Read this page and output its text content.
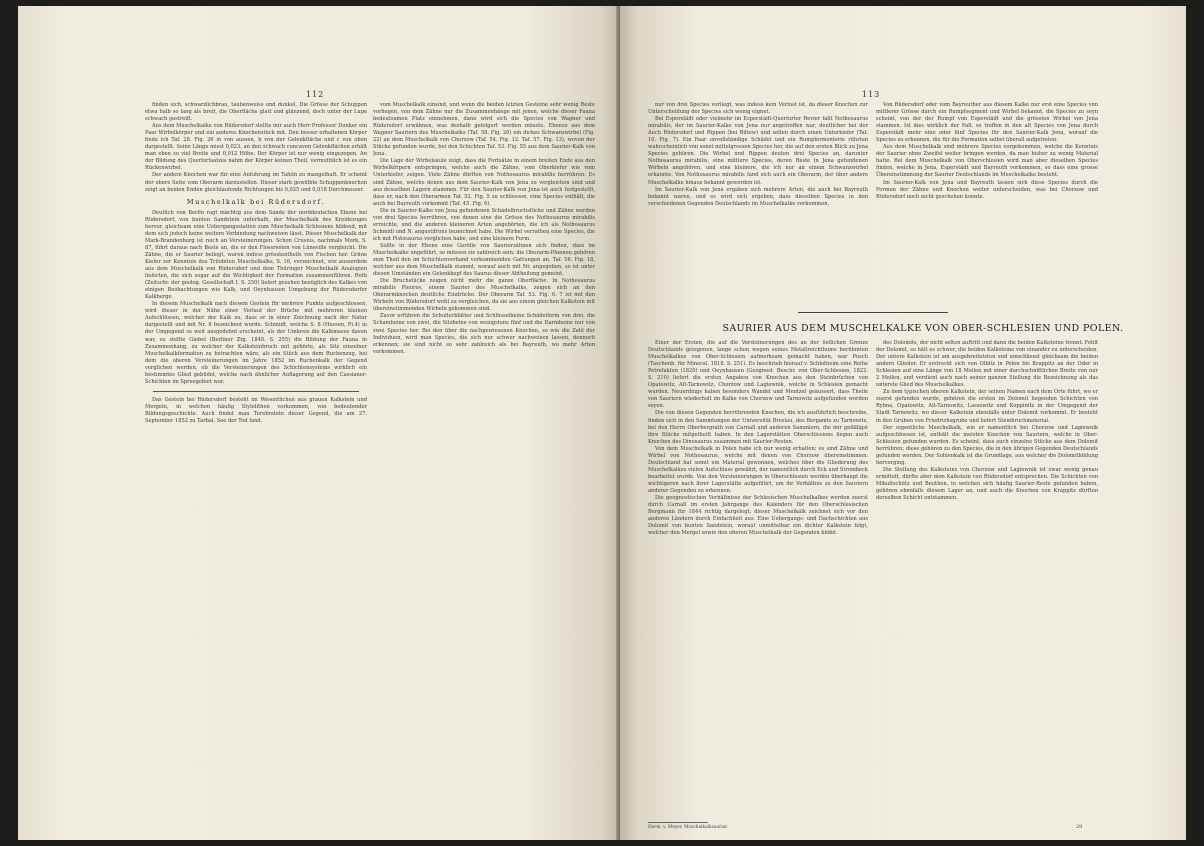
112

finden sich, schwarzlichbrau, taubenweiss und dunkel, Die Grösse der Schuppen etwa halb so lang als breit, die Oberfläche glatt und glänzend, doch unter der Lupe schwach gestreift.

Aus dem Muschelkalke von Rüdersdorf stellte mir auch Herr Professor Dunker ein Paar Wirbelkörper und ein anderes Knochenstück mit. Den besser erhaltenen Körper finde ich Taf. 28. Fig. 26 in von aussen, b von der Gelenkfläche und c von oben dargestellt. Seine Länge misst 0,023, an den schwach concaven Gelenkflächen erhält man eben so viel Breite und 0,012 Höhe. Der Körper ist nur wenig eingezogen. An der Bildung des Querfortsatzes nahm der Körper keinen Theil, vermuthlich ist es ein Rückenwirbel.

Der andere Knochen war für eine Anfuhrung im Tafeln zu mangelhaft. Er scheint der obere Seite vom Oberarm darzustellen. Dieser stark gewölbte Schuppenknochen zeigt an beiden Enden gleichlaufende Richtungen bis 0,025 und 0,018 Durchmesser.

Muschelkalk bei Rüdersdorf.

Deutlich von Berlin ragt mächtig aus dem Sande der norddeutschen Ebene bei Rüdersdorf, von bunten Sandstein unterhalb, der Muschelkalk des Kreidezuges hervor, gleichsam eine Uebergangsstation zum Muschelkalk Schlesiens hildend, mit dem sich jedoch keine weitere Verbindung nachweisen lässt. Dieser Muschelkalk der Mark-Brandenburg ist reich an Versteinerungen. Schon Crusius, nachmals Mork, S. 87, führt daraus nach Beste an, die er den Flossresten von Lüneville vergleicht. Die Zähne, die er Saurier beilegt, waren indess grösstentheils von Fischen her. Grüne Kiefer zur Kenntnis des Trilobiten Muschelkalks, S. 16, verzeichnet, wie ausserdem aus dem Muschelkalk von Rüdersdorf und dem Thüringer Muschelkalk Analogien lieferten, die sich sogar auf die Wichtigkeit der Formation zusammenführen. Roth (Zeitschr. der geolog. Gesellschaft I. S. 250) liefert gesehen bezüglich des Kalkes von einigen Beobachtungen wie Kalk, und Oeynhausen Umgebung der Rüdersdorfer Kalkberge.

In diesem Muschelkalk nach diesem Gestein für mehrere Punkte aufgeschlossen, wird dieser in der Nähe einer Verlauf der Brüche mit mehreren kleinen Aufschlüssen, welcher der Kalk zu, dass er in einer Zeichnung nach der Natur dargestellt und mit Nr. 8 bezeichnet wurde. Schmidt, welche S. 8 (Hessen, Pl.4) in der Umgegend so weit ausgedehnt erscheint, als der Umkreis die Kalkmasse davon war, so stellte Giebel (Berliner Ztg. 1848. S. 255) die Bildung der Fauna in Zusammenhang, zu welcher der Kalksteinbruch mit gehörte, als Sitz einzelner Muschelkalkformation zu betrachten wäre, als ein Stück aus dem Ruchenzug, bei dem die oberen Versteinerungen im Jahre 1852 im Ruchenkalk der Gegend verglichen werden, ob die Versteinerungen des Schichtensystems wirklich ein bestimmtes Glied gebildet, welche nach ähnlicher Auflagerung auf den Cassianer-Schichten im Spreegebiet war.

Das Gestein bei Rüdersdorf besteht im Wesentlichen aus grauen Kalkstein und Mergeln, in welchen häufig Stylolithen vorkommen, von bedeutender Bildungsgeschichte. Auch findet man Terebrateln dieser Gegend, die am 27. September 1852 zu Tarbal. See der Tod fand.

vom Muschelkalk einsind, und wenn die beiden letzten Gesteine sehr wenig Reste vorliegen, von dem Zähne nur die Zusammenhänge mit jenen, welche dieser Fauna bedeutsamen Platz einnehmen, dann wird sich die Species von Wagner und Rüdersdorf erwähnen, was deshalb gefolgert werden müsste. Ebenso aus dem Wagner Sauriern des Muschelkalks (Taf. 58. Fig. 20) ein dickes Schwanzwirbel (Fig. 22) an dem Muschelkalk von Chorzow (Taf. 54. Fig. 12. Taf. 57. Fig. 13), wovon der Stücke gefunden wurde, bei den Schichten Taf. 53. Fig. 55 aus dem Saurier-Kalk von Jena.

Die Lage der Wirbelsäule zeigt, dass die Fortsätze in einem breiten Ende aus den Wirbelkörpern entspringen, welche auch die Zähne, vom Oberkiefer wie vom Unterkiefer, zeigen. Viele Zähne dürften von Nothosaurus mirabilis herrühren. Es sind Zähne, welche denen aus dem Saurier-Kalk von Jena zu vergleichen sind und aus denselben Lagern stammen. Für den Saurier-Kalk von Jena ist auch festgestellt, dass er, nach den Oberarmen Taf. 52. Fig. 5 zu schliessen, eine Species enthält, die auch bei Bayreuth vorkommt (Taf. 45. Fig. 6).

Die in Saurier-Kalke von Jena gefundenen Schädelbruchstücke und Zähne werden von drei Species herrühren, von denen eine die Grösse des Nothosaurus mirabilis erreichte, und die anderen kleineren Arten angehörten, die ich als Nothosaurus Schmidi und N. angustifrons bezeichnet habe. Die Wirbel verrathen eine Species, die ich mit Pistosaurus verglichen habe, und eine kleinere Form.

Sollte in der Ebene eine Gerölle von Saurierzähnen sich finden, dass im Muschelkalke ungeführt, so müssen sie zahlreich sein; die Oberarm-Pfannen gehören zum Theil den im Schichtenverband vorkommenden Gattungen an. Taf. 56. Fig. 18, welcher aus dem Muschelkalk stammt, worauf auch mit Nr. angegeben, so ist unter diesen Umständen ein Gelenkkopf des Saurus dieser Abtheilung gemeint.

Die Bruchstücke zeigen nicht mehr die ganze Oberfläche. In Nothosaurus mirabilis Pleuros, einem Saurier des Muschelkalks, zeigen sich an den Oberarmknochen deutliche Eindrücke. Der Oberarm Taf. 53. Fig. 6. 7 ist mit den Wirbeln von Rüdersdorf wohl zu vergleichen, da sie aus einem gleichen Kalkstein mit übereinstimmenden Wirbeln gekommen sind.

Zuvor erführen die Schulterblätter und Schlüsselbeine Schädelform von drei, die Schambeine von zwei, die Sitzbeine von wenigstens fünf und die Darmbeine nur von zwei Species her. Bei den über die nachgewiesenen Knochen, so wie die Zahl der Individuen, wird man Species, die sich nur schwer nachweisen lassen, dennoch erkennen; sie sind nicht so sehr zahlreich als bei Bayreuth, wo mehr Arten vorkommen.

113

nur von drei Species vorliegt, was indess kein Verlust ist, da dieser Knochen zur Unterscheidung der Species sich wenig eignet.

Bei Esperstädt oder vielmehr im Esperstädt-Querfurter Revier fallt Nothosaurus mirabilis, der im Saurier-Kalke von Jena nur angetroffen war, deutlicher bei der Auch Rüdersdorf und Rippen (bei Bütow) und selten durch einen Unterkiefer (Taf. 10. Fig. 7). Ein Paar unvollständige Schädel und ein Rumpfermenterie rührten wahrscheinlich von sonst mittelgrossen Species her, die auf den ersten Blick zu Jena Species gehören. Die Wirbel und Rippen deuten drei Species an, darunter Nothosaurus mirabilis, eine mittlere Species, deren Reste in Jena gefundenen Wirbeln angehören, und eine kleinere, die ich nur an einem Schwanzwirbel erkannte. Von Nothosaurus mirabilis fand sich auch ein Oberarm, der über andere Muschelkalke hinaus bekannt geworden ist.

Im Saurier-Kalk von Jena ergaben sich mehrere Arten, die auch bei Bayreuth bekannt waren, und es wird sich ergeben, dass dieselben Species in den verschiedenen Gegenden Deutschlands im Muschelkalke vorkommen.

Von Rüdersdorf oder vom Bayreuther aus diesem Kalke nur erst eine Species von mittlerer Grösse durch ein Rumpfsegment und Wirbel bekannt, die Species zu seyn scheint, von der der Rumpf von Esperstädt und die grössten Wirbel von Jena stammen. Ist dies wirklich der Fall, so treffen in den alt Species von Jena durch Esperstädt mehr eine oder fünf Species für den Saurier-Kalk Jena, worauf die Species zu erkennen, die für die Formation selbst überall aufgetreten.

Aus dem Muschelkalk sind mehrere Species vorgekommen, welche die Kenntnis der Saurier ohne Zweifel weiter bringen werden, da man bisher zu wenig Material hatte. Bei dem Muschelkalk von Oberschlesien wird man aber dieselben Species finden, welche in Jena, Esperstädt und Bayreuth vorkommen, so dass eine grosse Übereinstimmung der Saurier Deutschlands im Muschelkalke besteht.

Im Saurier-Kalk von Jena und Bayreuth lassen sich diese Species durch die Formen der Zähne und Knochen weiter unterscheiden, was bei Chorzow und Rüdersdorf noch nicht geschehen konnte.

SAURIER AUS DEM MUSCHELKALKE VON OBER-SCHLESIEN UND POLEN.

Einer der Ersten, die auf die Versteinerungen des an der östlichen Grenze Deutschlands gelegenen, lange schon wegen seines Metallreichthums berühmten Muschelkalkes von Ober-Schlesien aufmerksam gemacht haben, war Pusch (Taschenb. für Mineral. 1818. S. 251). Es beschrieb hierauf v. Schlotheim eine Reihe Petrefakten (1820) und Oeynhausen (Geognost. Beschr. von Ober-Schlesien, 1822. S. 210) liefert die ersten Angaben von Knochen aus den Steinbrüchen von Opatowitz, Alt-Tarnowitz, Chorzow und Lagiewnik, welche in Schlesien gemacht wurden. Neuerdings haben besonders Wandel und Mentzel geäussert, dass Theile von Sauriern wiederholt im Kalke von Chorzow und Tarnowitz aufgefunden worden seyen.

Die von diesen Gegenden herrührenden Knochen, die ich ausführlich beschreibe, finden sich in den Sammlungen der Universität Breslau, des Bergamts zu Tarnowitz, bei den Herrn Oberbergrath von Carnall und anderen Sammlern, die mir gefälligst ihre Stücke mitgetheilt haben. In den Lagerstätten Oberschlesiens liegen auch Knochen des Dinosaurus zusammen mit Saurier-Resten.

Von dem Muschelkalk in Polen habe ich nur wenig erhalten; es sind Zähne und Wirbel von Nothosaurus, welche mit denen von Chorzow übereinstimmen. Deutschland hat somit ein Material gewonnen, welches über die Gliederung des Muschelkalkes vielen Aufschluss gewährt, der namentlich durch Eck und Strombeck bearbeitet wurde. Von den Versteinerungen in Oberschlesien werden überhaupt die wichtigeren nach ihrer Lagerstätte aufgeführt, um ihr Verhältnis zu den Sauriern anderer Gegenden zu erkennen.

Die geognostischen Verhältnisse der Schlesischen Muschelkalkes werden zuerst durch Carnall im ersten Jahrgange des Kalenders für den Oberschlesischen Bergmann für 1844 richtig dargelegt; dieser Muschelkalk zeichnet sich vor den anderen Ländern durch Einfachheit aus. Eine Uebergangs- und Dachschichten aus Dolomit von bunten Sandstein, worauf unmittelbar ein dichter Kalkstein folgt, welcher den Mergel sowie den oberen Muschelkalk der Gegenden bildet.

Herm. v. Meyer, Muschelkalksaurier.

des Dolomits, der nicht selten auftritt und dann die beiden Kalksteine trennt. Fehlt der Dolomit, so hält es schwer, die beiden Kalksteine von einander zu unterscheiden. Der untere Kalkstein ist am ausgebreitetsten und umschliesst gleichsam die beiden andern Glieder. Er erstreckt sich von Olbitz in Polen bis Krappitz an der Oder in Schlesien auf eine Länge von 18 Meilen mit einer durchschnittlichen Breite von nur 2 Meilen, und verdient auch nach seiner ganzen Stellung die Bezeichnung als das unterste Glied des Muschelkalkes.

Zu dem typischen oberen Kalkstein, der seinen Namen nach dem Orte führt, wo er zuerst gefunden wurde, gehören die ersten im Dolomit liegenden Schichten von Rybna, Opatowitz, Alt-Tarnowitz, Lassowitz und Koppinitz in der Umgegend der Stadt Tarnowitz, wo dieser Kalkstein ebenfalls unter Dolomit vorkommt. Er besteht in den Gruben von Friedrichsgrube und liefert Steinbruchmaterial.

Der eigentliche Muschelkalk, wie er namentlich bei Chorzow und Lagiewnik aufgeschlossen ist, enthält die meisten Knochen von Sauriern, welche in Ober-Schlesien gefunden wurden. Es scheint, dass auch einzelne Stücke aus dem Dolomit herrühren; diese gehören zu den Species, die in den übrigen Gegenden Deutschlands gefunden werden. Der Sohlenkalk ist die Grundlage, aus welcher die Dolomitbildung hervorging.

Die Stellung des Kalksteins von Chorzow und Lagiewnik ist zwar wenig genau ermittelt, dürfte aber dem Kalkstein von Rüdersdorf entsprechen. Die Schichten von Mikultschütz und Beuthen, in welchen sich häufig Saurier-Reste gefunden haben, gehören ebenfalls diesem Lager an, und auch die Knochen von Krappitz dürften derselben Schicht entstammen.

29
